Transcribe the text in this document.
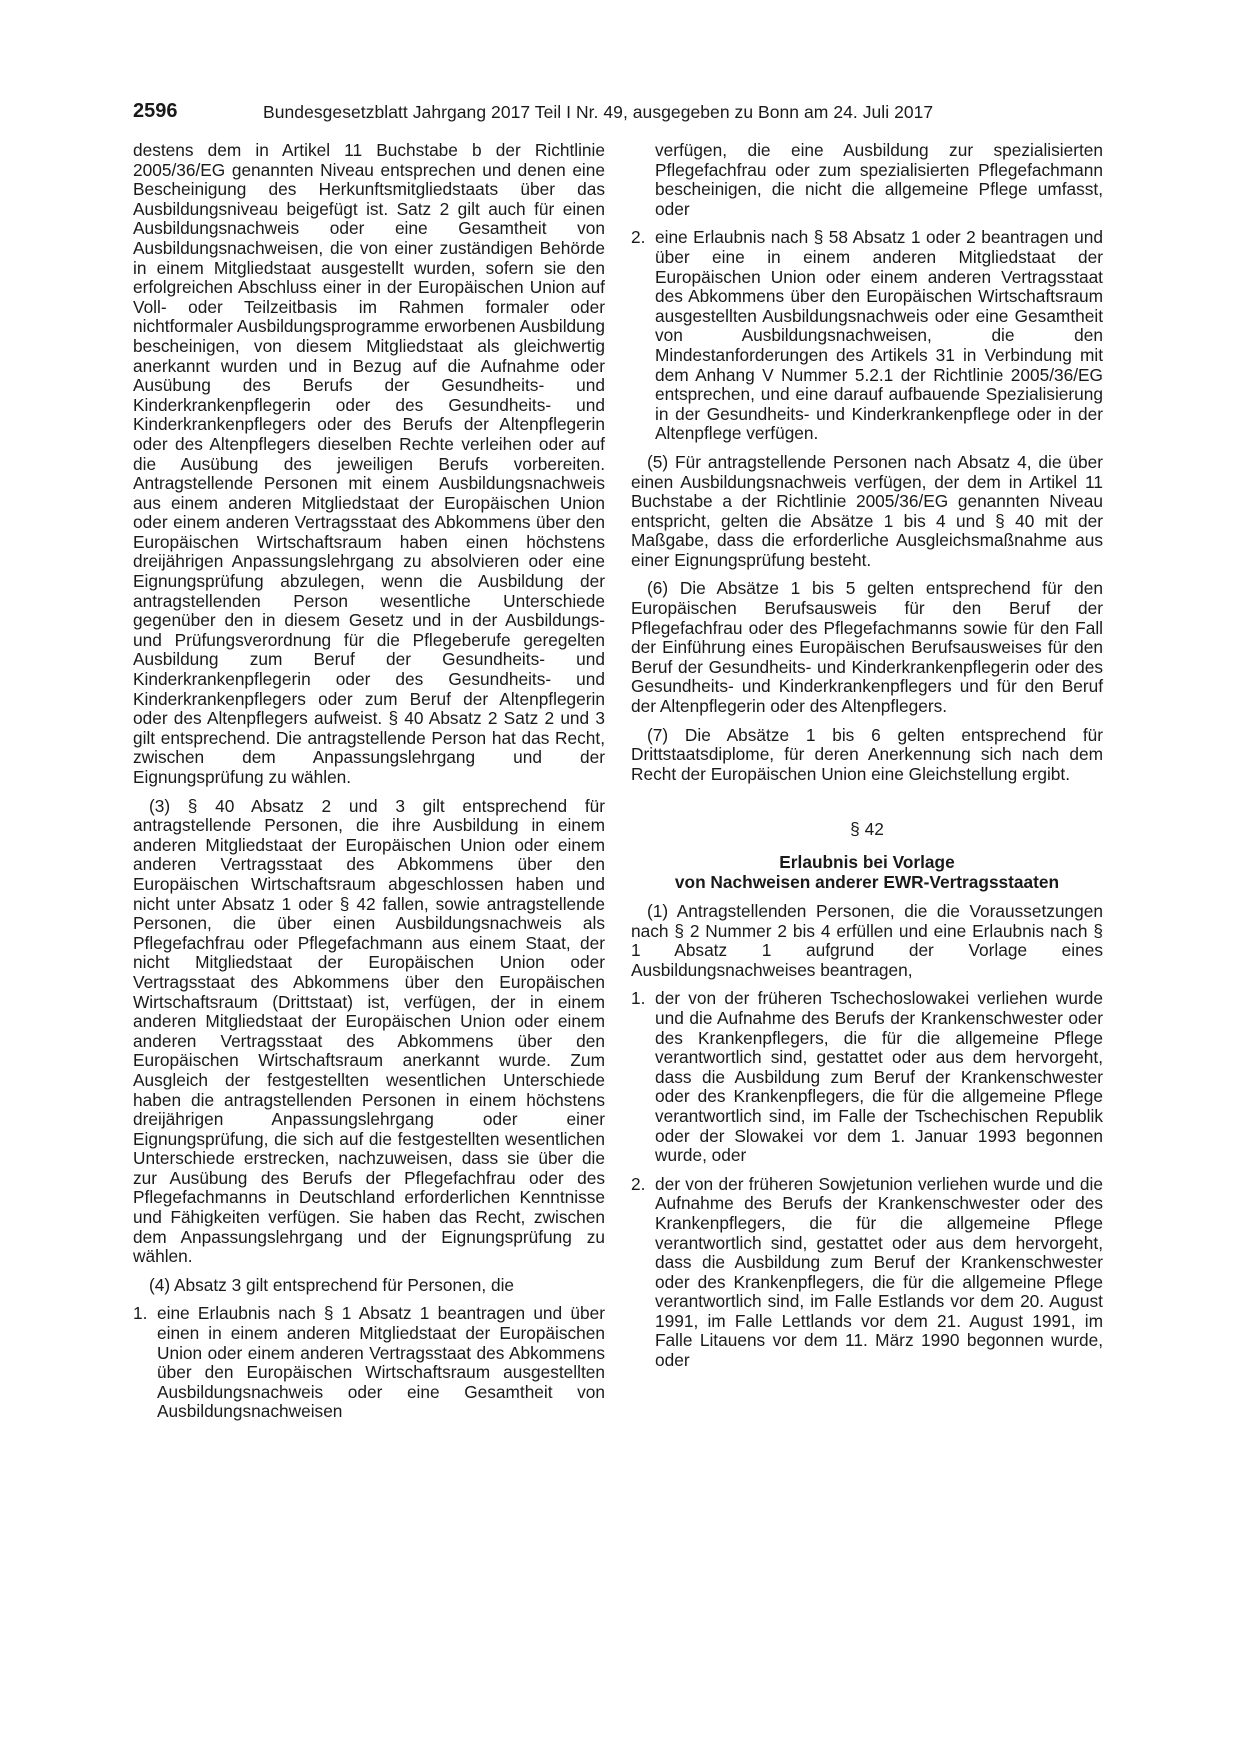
2596	Bundesgesetzblatt Jahrgang 2017 Teil I Nr. 49, ausgegeben zu Bonn am 24. Juli 2017

destens dem in Artikel 11 Buchstabe b der Richtlinie 2005/36/EG genannten Niveau entsprechen und denen eine Bescheinigung des Herkunftsmitgliedstaats über das Ausbildungsniveau beigefügt ist. Satz 2 gilt auch für einen Ausbildungsnachweis oder eine Gesamtheit von Ausbildungsnachweisen, die von einer zuständigen Behörde in einem Mitgliedstaat ausgestellt wurden, sofern sie den erfolgreichen Abschluss einer in der Europäischen Union auf Voll- oder Teilzeitbasis im Rahmen formaler oder nichtformaler Ausbildungsprogramme erworbenen Ausbildung bescheinigen, von diesem Mitgliedstaat als gleichwertig anerkannt wurden und in Bezug auf die Aufnahme oder Ausübung des Berufs der Gesundheits- und Kinderkrankenpflegerin oder des Gesundheits- und Kinderkrankenpflegers oder des Berufs der Altenpflegerin oder des Altenpflegers dieselben Rechte verleihen oder auf die Ausübung des jeweiligen Berufs vorbereiten. Antragstellende Personen mit einem Ausbildungsnachweis aus einem anderen Mitgliedstaat der Europäischen Union oder einem anderen Vertragsstaat des Abkommens über den Europäischen Wirtschaftsraum haben einen höchstens dreijährigen Anpassungslehrgang zu absolvieren oder eine Eignungsprüfung abzulegen, wenn die Ausbildung der antragstellenden Person wesentliche Unterschiede gegenüber den in diesem Gesetz und in der Ausbildungs- und Prüfungsverordnung für die Pflegeberufe geregelten Ausbildung zum Beruf der Gesundheits- und Kinderkrankenpflegerin oder des Gesundheits- und Kinderkrankenpflegers oder zum Beruf der Altenpflegerin oder des Altenpflegers aufweist. § 40 Absatz 2 Satz 2 und 3 gilt entsprechend. Die antragstellende Person hat das Recht, zwischen dem Anpassungslehrgang und der Eignungsprüfung zu wählen.

(3) § 40 Absatz 2 und 3 gilt entsprechend für antragstellende Personen, die ihre Ausbildung in einem anderen Mitgliedstaat der Europäischen Union oder einem anderen Vertragsstaat des Abkommens über den Europäischen Wirtschaftsraum abgeschlossen haben und nicht unter Absatz 1 oder § 42 fallen, sowie antragstellende Personen, die über einen Ausbildungsnachweis als Pflegefachfrau oder Pflegefachmann aus einem Staat, der nicht Mitgliedstaat der Europäischen Union oder Vertragsstaat des Abkommens über den Europäischen Wirtschaftsraum (Drittstaat) ist, verfügen, der in einem anderen Mitgliedstaat der Europäischen Union oder einem anderen Vertragsstaat des Abkommens über den Europäischen Wirtschaftsraum anerkannt wurde. Zum Ausgleich der festgestellten wesentlichen Unterschiede haben die antragstellenden Personen in einem höchstens dreijährigen Anpassungslehrgang oder einer Eignungsprüfung, die sich auf die festgestellten wesentlichen Unterschiede erstrecken, nachzuweisen, dass sie über die zur Ausübung des Berufs der Pflegefachfrau oder des Pflegefachmanns in Deutschland erforderlichen Kenntnisse und Fähigkeiten verfügen. Sie haben das Recht, zwischen dem Anpassungslehrgang und der Eignungsprüfung zu wählen.

(4) Absatz 3 gilt entsprechend für Personen, die

1. eine Erlaubnis nach § 1 Absatz 1 beantragen und über einen in einem anderen Mitgliedstaat der Europäischen Union oder einem anderen Vertragsstaat des Abkommens über den Europäischen Wirtschaftsraum ausgestellten Ausbildungsnachweis oder eine Gesamtheit von Ausbildungsnachweisen
verfügen, die eine Ausbildung zur spezialisierten Pflegefachfrau oder zum spezialisierten Pflegefachmann bescheinigen, die nicht die allgemeine Pflege umfasst, oder
2. eine Erlaubnis nach § 58 Absatz 1 oder 2 beantragen und über eine in einem anderen Mitgliedstaat der Europäischen Union oder einem anderen Vertragsstaat des Abkommens über den Europäischen Wirtschaftsraum ausgestellten Ausbildungsnachweis oder eine Gesamtheit von Ausbildungsnachweisen, die den Mindestanforderungen des Artikels 31 in Verbindung mit dem Anhang V Nummer 5.2.1 der Richtlinie 2005/36/EG entsprechen, und eine darauf aufbauende Spezialisierung in der Gesundheits- und Kinderkrankenpflege oder in der Altenpflege verfügen.

(5) Für antragstellende Personen nach Absatz 4, die über einen Ausbildungsnachweis verfügen, der dem in Artikel 11 Buchstabe a der Richtlinie 2005/36/EG genannten Niveau entspricht, gelten die Absätze 1 bis 4 und § 40 mit der Maßgabe, dass die erforderliche Ausgleichsmaßnahme aus einer Eignungsprüfung besteht.

(6) Die Absätze 1 bis 5 gelten entsprechend für den Europäischen Berufsausweis für den Beruf der Pflegefachfrau oder des Pflegefachmanns sowie für den Fall der Einführung eines Europäischen Berufsausweises für den Beruf der Gesundheits- und Kinderkrankenpflegerin oder des Gesundheits- und Kinderkrankenpflegers und für den Beruf der Altenpflegerin oder des Altenpflegers.

(7) Die Absätze 1 bis 6 gelten entsprechend für Drittstaatsdiplome, für deren Anerkennung sich nach dem Recht der Europäischen Union eine Gleichstellung ergibt.

§ 42
Erlaubnis bei Vorlage
von Nachweisen anderer EWR-Vertragsstaaten

(1) Antragstellenden Personen, die die Voraussetzungen nach § 2 Nummer 2 bis 4 erfüllen und eine Erlaubnis nach § 1 Absatz 1 aufgrund der Vorlage eines Ausbildungsnachweises beantragen,

1. der von der früheren Tschechoslowakei verliehen wurde und die Aufnahme des Berufs der Krankenschwester oder des Krankenpflegers, die für die allgemeine Pflege verantwortlich sind, gestattet oder aus dem hervorgeht, dass die Ausbildung zum Beruf der Krankenschwester oder des Krankenpflegers, die für die allgemeine Pflege verantwortlich sind, im Falle der Tschechischen Republik oder der Slowakei vor dem 1. Januar 1993 begonnen wurde, oder
2. der von der früheren Sowjetunion verliehen wurde und die Aufnahme des Berufs der Krankenschwester oder des Krankenpflegers, die für die allgemeine Pflege verantwortlich sind, gestattet oder aus dem hervorgeht, dass die Ausbildung zum Beruf der Krankenschwester oder des Krankenpflegers, die für die allgemeine Pflege verantwortlich sind, im Falle Estlands vor dem 20. August 1991, im Falle Lettlands vor dem 21. August 1991, im Falle Litauens vor dem 11. März 1990 begonnen wurde, oder
